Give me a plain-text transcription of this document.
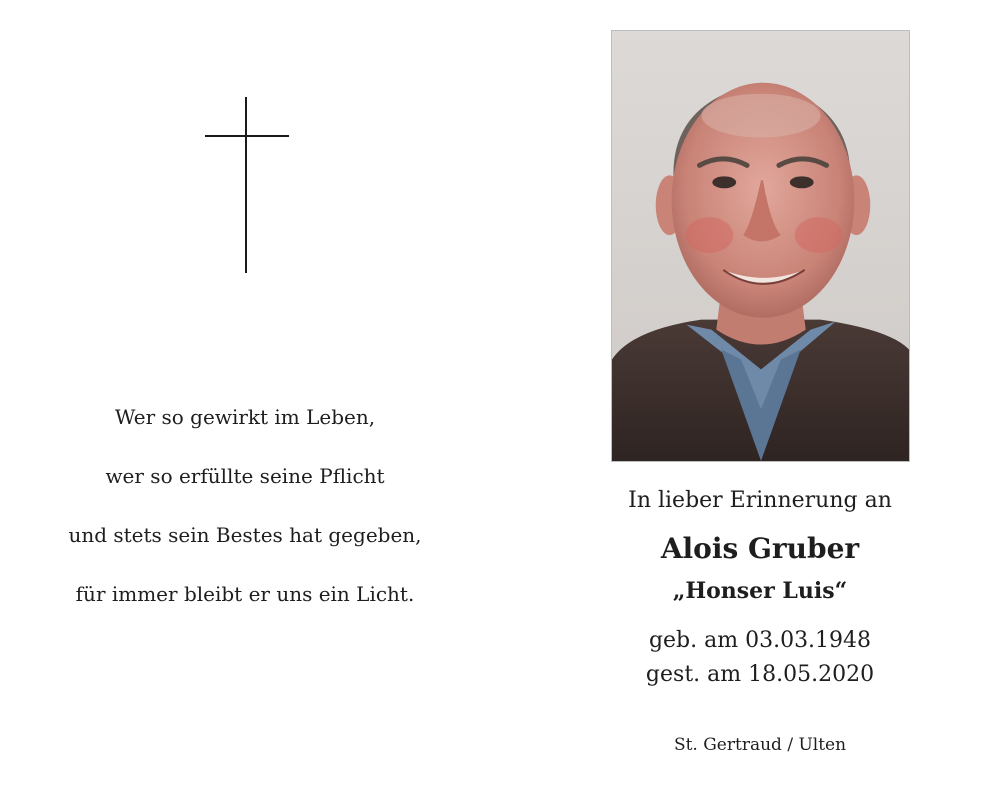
Wer so gewirkt im Leben,
wer so erfüllte seine Pflicht
und stets sein Bestes hat gegeben,
für immer bleibt er uns ein Licht.
In lieber Erinnerung an
Alois Gruber
„Honser Luis“
geb. am 03.03.1948
gest. am 18.05.2020
St. Gertraud / Ulten
